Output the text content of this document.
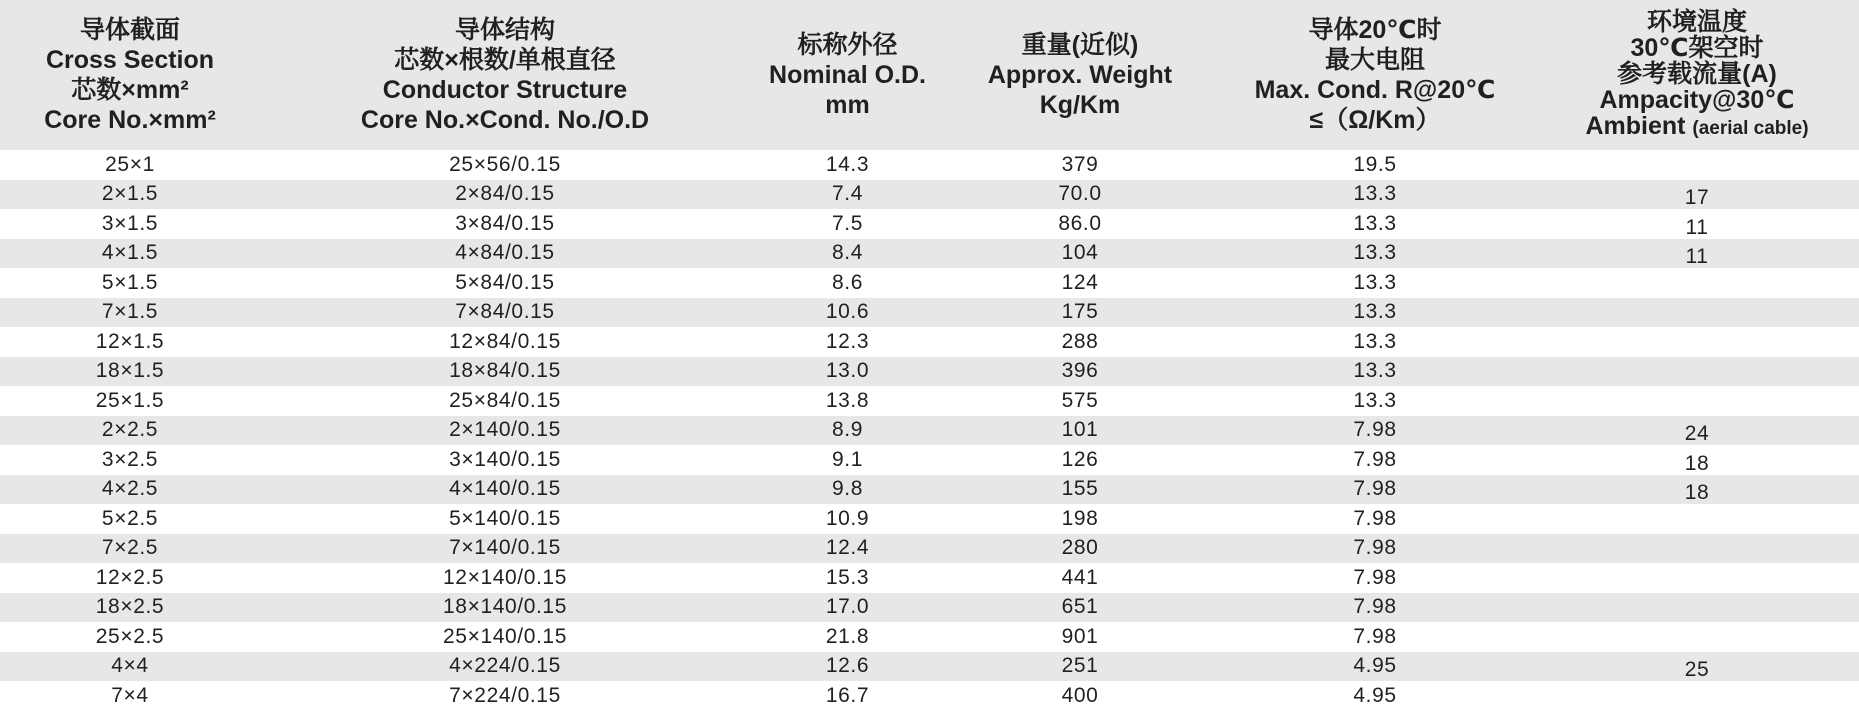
导体截面
Cross Section
芯数×mm²
Core No.×mm²	导体结构
芯数×根数/单根直径
Conductor Structure
Core No.×Cond. No./O.D	标称外径
Nominal O.D.
mm	重量(近似)
Approx. Weight
Kg/Km	导体20℃时
最大电阻
Max. Cond. R@20℃
≤（Ω/Km）	环境温度
30℃架空时
参考载流量(A)
Ampacity@30℃
Ambient (aerial cable)

25×1	25×56/0.15	14.3	379	19.5	
2×1.5	2×84/0.15	7.4	70.0	13.3	17
3×1.5	3×84/0.15	7.5	86.0	13.3	11
4×1.5	4×84/0.15	8.4	104	13.3	11
5×1.5	5×84/0.15	8.6	124	13.3	
7×1.5	7×84/0.15	10.6	175	13.3	
12×1.5	12×84/0.15	12.3	288	13.3	
18×1.5	18×84/0.15	13.0	396	13.3	
25×1.5	25×84/0.15	13.8	575	13.3	
2×2.5	2×140/0.15	8.9	101	7.98	24
3×2.5	3×140/0.15	9.1	126	7.98	18
4×2.5	4×140/0.15	9.8	155	7.98	18
5×2.5	5×140/0.15	10.9	198	7.98	
7×2.5	7×140/0.15	12.4	280	7.98	
12×2.5	12×140/0.15	15.3	441	7.98	
18×2.5	18×140/0.15	17.0	651	7.98	
25×2.5	25×140/0.15	21.8	901	7.98	
4×4	4×224/0.15	12.6	251	4.95	25
7×4	7×224/0.15	16.7	400	4.95	
